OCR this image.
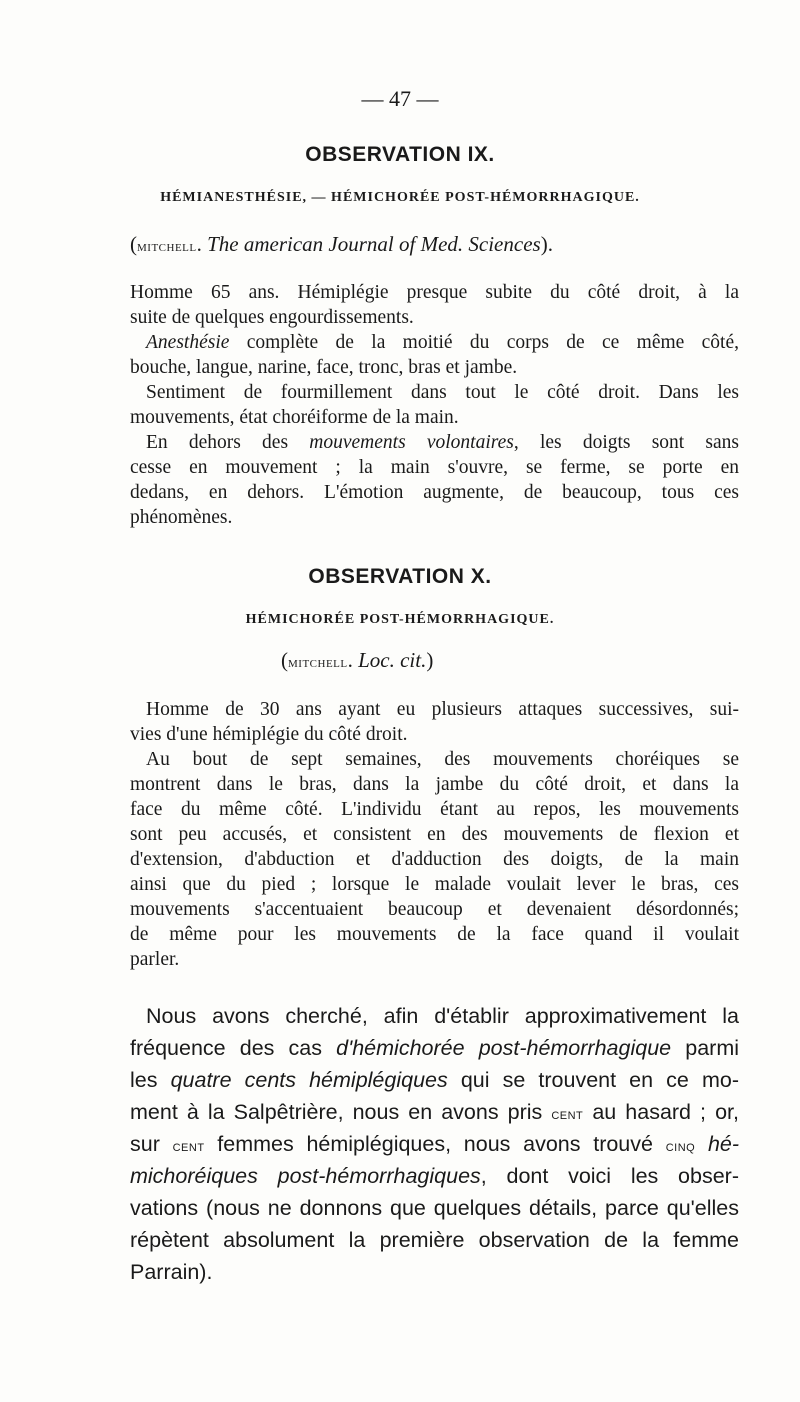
— 47 —
OBSERVATION IX.
HÉMIANESTHÉSIE, — HÉMICHORÉE POST-HÉMORRHAGIQUE.
(mitchell. The american Journal of Med. Sciences).
Homme 65 ans. Hémiplégie presque subite du côté droit, à la
suite de quelques engourdissements.
Anesthésie complète de la moitié du corps de ce même côté,
bouche, langue, narine, face, tronc, bras et jambe.
Sentiment de fourmillement dans tout le côté droit. Dans les
mouvements, état choréiforme de la main.
En dehors des mouvements volontaires, les doigts sont sans
cesse en mouvement ; la main s'ouvre, se ferme, se porte en
dedans, en dehors. L'émotion augmente, de beaucoup, tous ces
phénomènes.
OBSERVATION X.
HÉMICHORÉE POST-HÉMORRHAGIQUE.
(mitchell. Loc. cit.)
Homme de 30 ans ayant eu plusieurs attaques successives, sui-
vies d'une hémiplégie du côté droit.
Au bout de sept semaines, des mouvements choréiques se
montrent dans le bras, dans la jambe du côté droit, et dans la
face du même côté. L'individu étant au repos, les mouvements
sont peu accusés, et consistent en des mouvements de flexion et
d'extension, d'abduction et d'adduction des doigts, de la main
ainsi que du pied ; lorsque le malade voulait lever le bras, ces
mouvements s'accentuaient beaucoup et devenaient désordonnés;
de même pour les mouvements de la face quand il voulait
parler.
Nous avons cherché, afin d'établir approximativement la
fréquence des cas d'hémichorée post-hémorrhagique parmi
les quatre cents hémiplégiques qui se trouvent en ce mo-
ment à la Salpêtrière, nous en avons pris cent au hasard ; or,
sur cent femmes hémiplégiques, nous avons trouvé cinq hé-
michoréiques post-hémorrhagiques, dont voici les obser-
vations (nous ne donnons que quelques détails, parce qu'elles
répètent absolument la première observation de la femme
Parrain).
